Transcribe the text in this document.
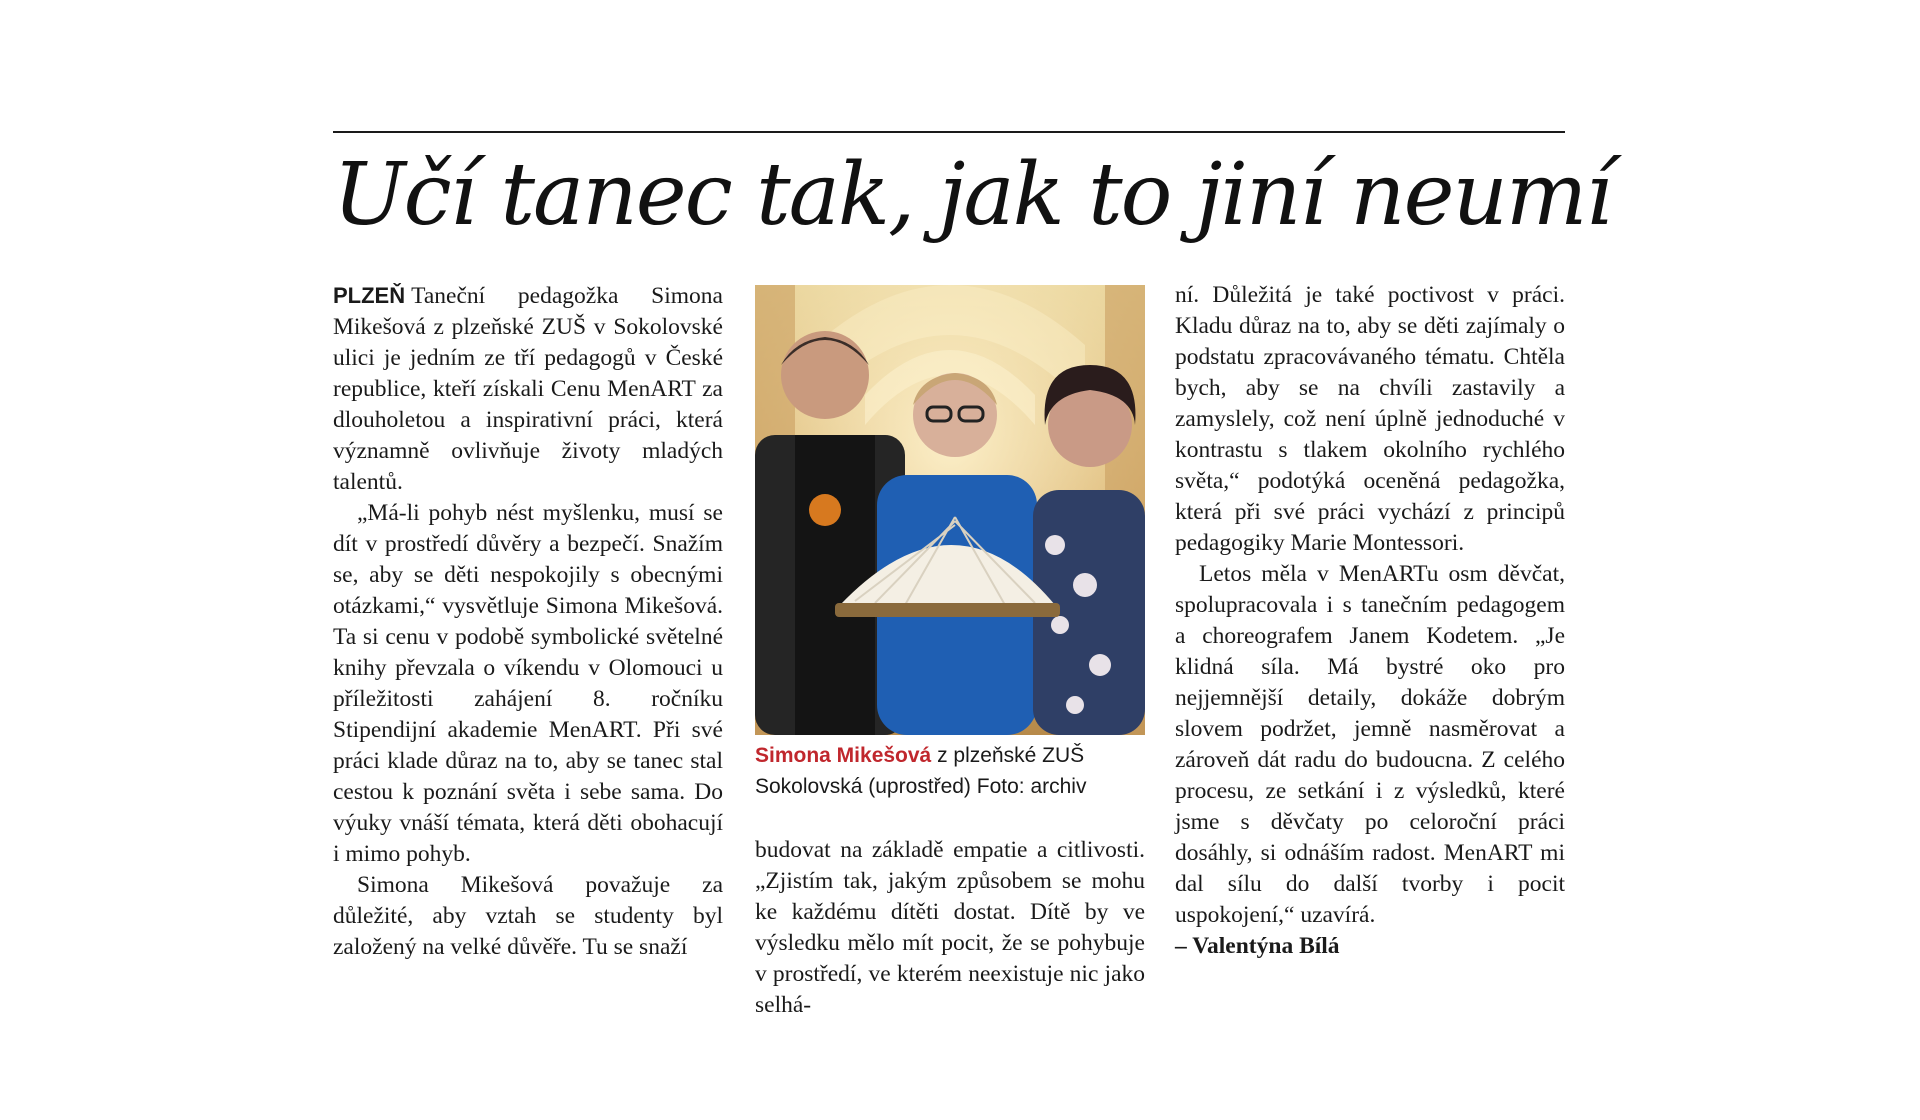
Učí tanec tak, jak to jiní neumí

PLZEŇ Taneční pedagožka Simona Mikešová z plzeňské ZUŠ v Sokolovské ulici je jedním ze tří pedagogů v České republice, kteří získali Cenu MenART za dlouholetou a inspirativní práci, která významně ovlivňuje životy mladých talentů.

„Má-li pohyb nést myšlenku, musí se dít v prostředí důvěry a bezpečí. Snažím se, aby se děti nespokojily s obecnými otázkami,“ vysvětluje Simona Mikešová. Ta si cenu v podobě symbolické světelné knihy převzala o víkendu v Olomouci u příležitosti zahájení 8. ročníku Stipendijní akademie MenART. Při své práci klade důraz na to, aby se tanec stal cestou k poznání světa i sebe sama. Do výuky vnáší témata, která děti obohacují i mimo pohyb.

Simona Mikešová považuje za důležité, aby vztah se studenty byl založený na velké důvěře. Tu se snaží

Simona Mikešová z plzeňské ZUŠ Sokolovská (uprostřed) Foto: archiv

budovat na základě empatie a citlivosti. „Zjistím tak, jakým způsobem se mohu ke každému dítěti dostat. Dítě by ve výsledku mělo mít pocit, že se pohybuje v prostředí, ve kterém neexistuje nic jako selhá-

ní. Důležitá je také poctivost v práci. Kladu důraz na to, aby se děti zajímaly o podstatu zpracovávaného tématu. Chtěla bych, aby se na chvíli zastavily a zamyslely, což není úplně jednoduché v kontrastu s tlakem okolního rychlého světa,“ podotýká oceněná pedagožka, která při své práci vychází z principů pedagogiky Marie Montessori.

Letos měla v MenARTu osm děvčat, spolupracovala i s tanečním pedagogem a choreografem Janem Kodetem. „Je klidná síla. Má bystré oko pro nejjemnější detaily, dokáže dobrým slovem podržet, jemně nasměrovat a zároveň dát radu do budoucna. Z celého procesu, ze setkání i z výsledků, které jsme s děvčaty po celoroční práci dosáhly, si odnáším radost. MenART mi dal sílu do další tvorby i pocit uspokojení,“ uzavírá.

– Valentýna Bílá
